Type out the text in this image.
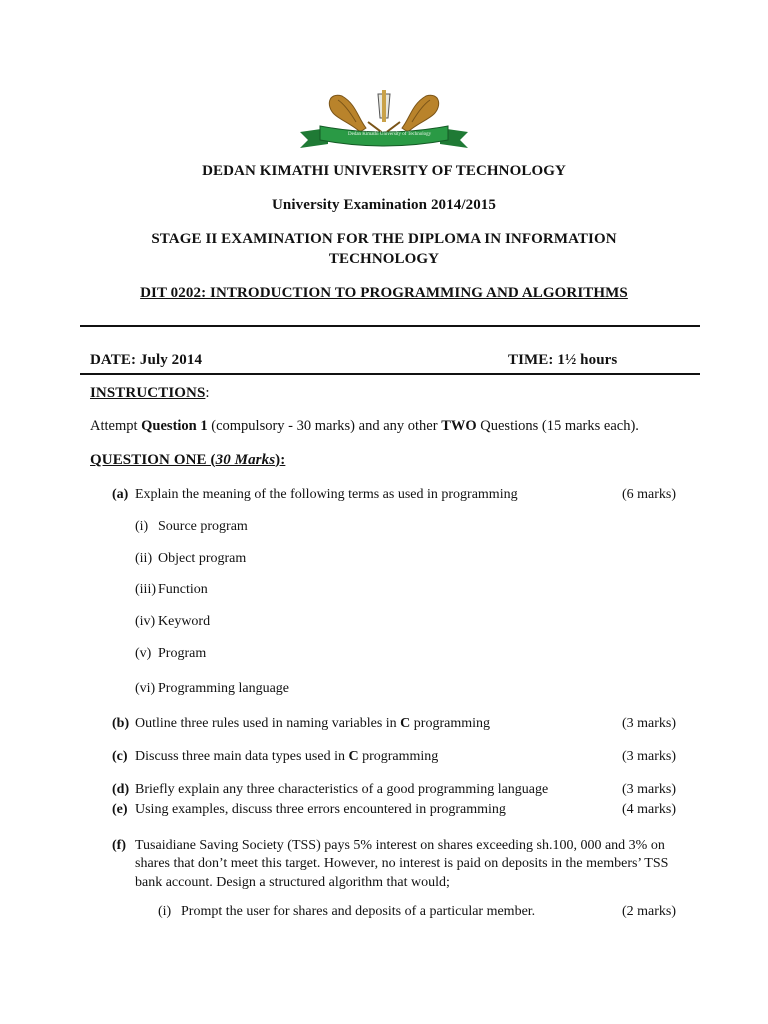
Dedan Kimathi University of Technology
DEDAN KIMATHI UNIVERSITY OF TECHNOLOGY
University Examination 2014/2015
STAGE II EXAMINATION FOR THE DIPLOMA IN INFORMATION
TECHNOLOGY
DIT 0202: INTRODUCTION TO PROGRAMMING AND ALGORITHMS
DATE: July 2014	TIME: 1½ hours
INSTRUCTIONS:
Attempt Question 1 (compulsory - 30 marks) and any other TWO Questions (15 marks each).
QUESTION ONE (30 Marks):
(a) Explain the meaning of the following terms as used in programming	(6 marks)
(i) Source program
(ii) Object program
(iii) Function
(iv) Keyword
(v) Program
(vi) Programming language
(b) Outline three rules used in naming variables in C programming	(3 marks)
(c) Discuss three main data types used in C programming	(3 marks)
(d) Briefly explain any three characteristics of a good programming language	(3 marks)
(e) Using examples, discuss three errors encountered in programming	(4 marks)
(f) Tusaidiane Saving Society (TSS) pays 5% interest on shares exceeding sh.100, 000 and 3% on
shares that don’t meet this target. However, no interest is paid on deposits in the members’ TSS
bank account. Design a structured algorithm that would;
(i) Prompt the user for shares and deposits of a particular member.	(2 marks)
